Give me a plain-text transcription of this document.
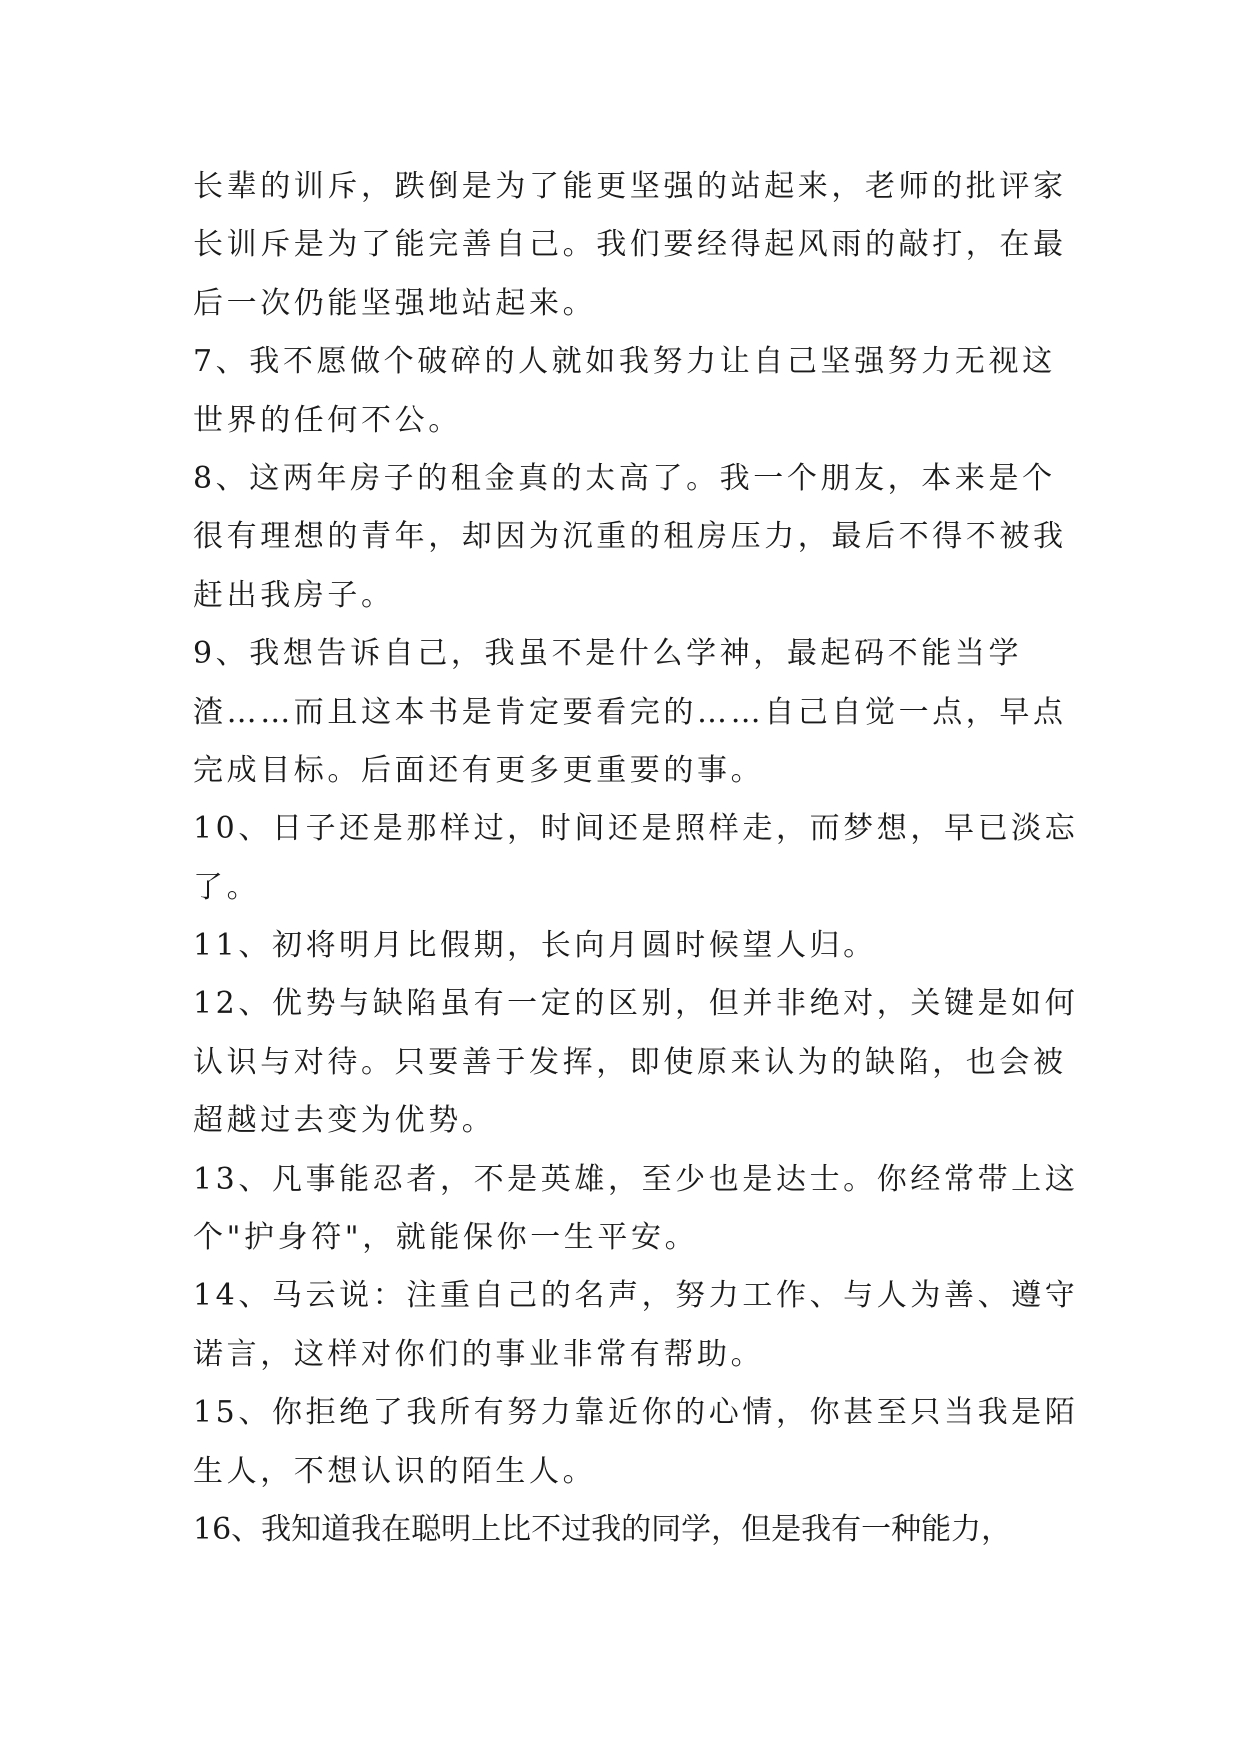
长辈的训斥，跌倒是为了能更坚强的站起来，老师的批评家
长训斥是为了能完善自己。我们要经得起风雨的敲打，在最
后一次仍能坚强地站起来。
7、我不愿做个破碎的人就如我努力让自己坚强努力无视这
世界的任何不公。
8、这两年房子的租金真的太高了。我一个朋友，本来是个
很有理想的青年，却因为沉重的租房压力，最后不得不被我
赶出我房子。
9、我想告诉自己，我虽不是什么学神，最起码不能当学
渣……而且这本书是肯定要看完的……自己自觉一点，早点
完成目标。后面还有更多更重要的事。
10、日子还是那样过，时间还是照样走，而梦想，早已淡忘
了。
11、初将明月比假期，长向月圆时候望人归。
12、优势与缺陷虽有一定的区别，但并非绝对，关键是如何
认识与对待。只要善于发挥，即使原来认为的缺陷，也会被
超越过去变为优势。
13、凡事能忍者，不是英雄，至少也是达士。你经常带上这
个"护身符"，就能保你一生平安。
14、马云说：注重自己的名声，努力工作、与人为善、遵守
诺言，这样对你们的事业非常有帮助。
15、你拒绝了我所有努力靠近你的心情，你甚至只当我是陌
生人，不想认识的陌生人。
16、我知道我在聪明上比不过我的同学，但是我有一种能力，
